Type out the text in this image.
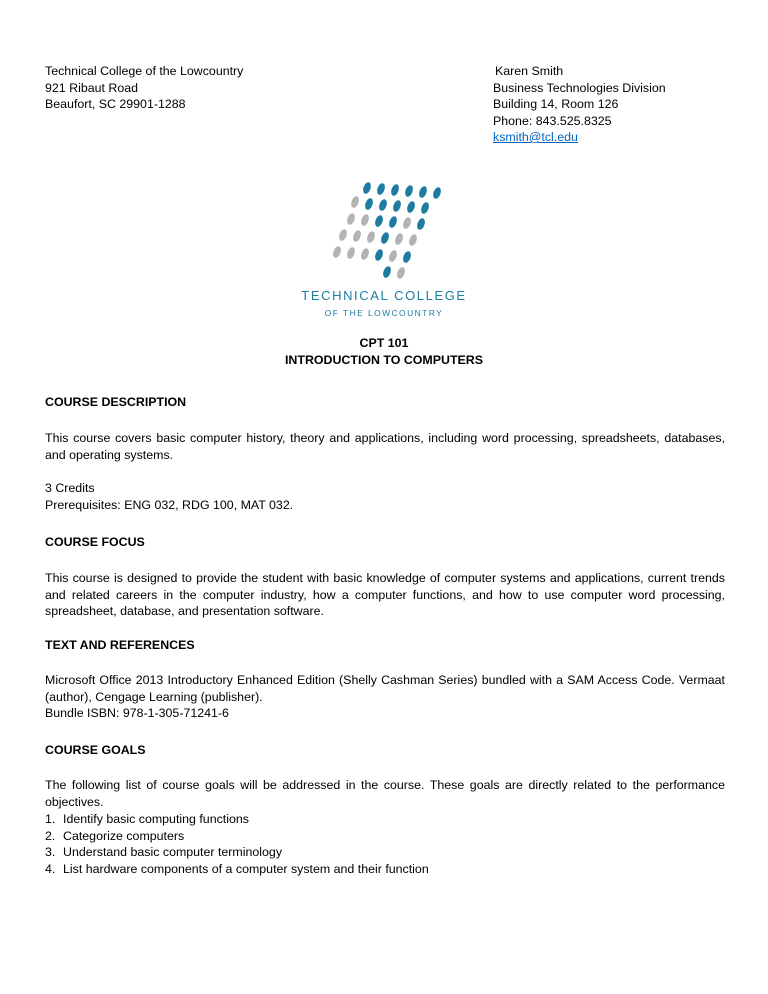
Technical College of the Lowcountry
921 Ribaut Road
Beaufort, SC 29901-1288
Karen Smith
Business Technologies Division
Building 14, Room 126
Phone: 843.525.8325
ksmith@tcl.edu
TECHNICAL COLLEGE
OF THE LOWCOUNTRY
CPT 101
INTRODUCTION TO COMPUTERS
COURSE DESCRIPTION
This course covers basic computer history, theory and applications, including word processing, spreadsheets, databases, and operating systems.
3 Credits
Prerequisites: ENG 032, RDG 100, MAT 032.
COURSE FOCUS
This course is designed to provide the student with basic knowledge of computer systems and applications, current trends and related careers in the computer industry, how a computer functions, and how to use computer word processing, spreadsheet, database, and presentation software.
TEXT AND REFERENCES
Microsoft Office 2013 Introductory Enhanced Edition (Shelly Cashman Series) bundled with a SAM Access Code. Vermaat (author), Cengage Learning (publisher).
Bundle ISBN: 978-1-305-71241-6
COURSE GOALS
The following list of course goals will be addressed in the course. These goals are directly related to the performance objectives.
1. Identify basic computing functions
2. Categorize computers
3. Understand basic computer terminology
4. List hardware components of a computer system and their function
